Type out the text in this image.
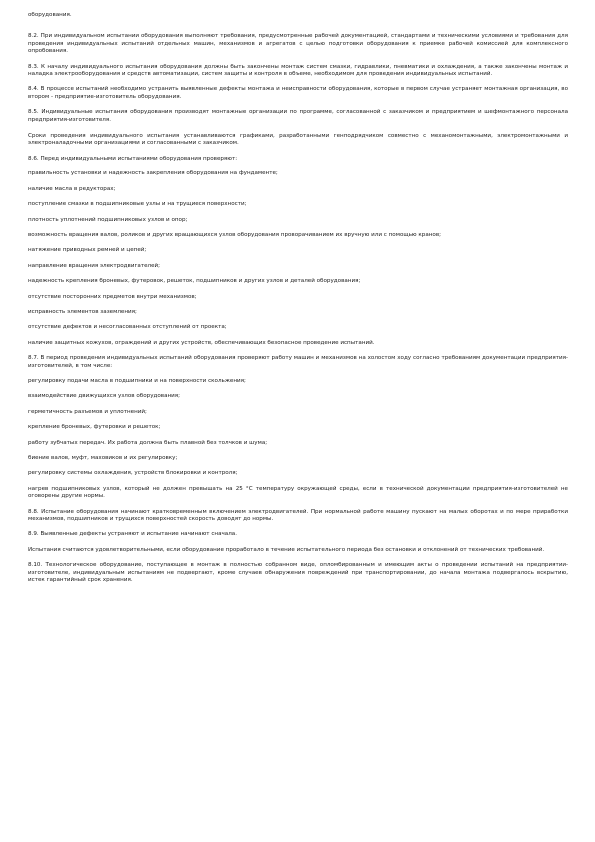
оборудования.

8.2. При индивидуальном испытании оборудования выполняют требования, предусмотренные рабочей документацией, стандартами и техническими условиями и требования для проведения индивидуальных испытаний отдельных машин, механизмов и агрегатов с целью подготовки оборудования к приемке рабочей комиссией для комплексного опробования.

8.3. К началу индивидуального испытания оборудования должны быть закончены монтаж систем смазки, гидравлики, пневматики и охлаждения, а также закончены монтаж и наладка электрооборудования и средств автоматизации, систем защиты и контроля в объеме, необходимом для проведения индивидуальных испытаний.

8.4. В процессе испытаний необходимо устранить выявленные дефекты монтажа и неисправности оборудования, которые в первом случае устраняет монтажная организация, во втором - предприятие-изготовитель оборудования.

8.5. Индивидуальные испытания оборудования производят монтажные организации по программе, согласованной с заказчиком и предприятием и шефмонтажного персонала предприятия-изготовителя.

Сроки проведения индивидуального испытания устанавливаются графиками, разработанными генподрядчиком совместно с механомонтажными, электромонтажными и электроналадочными организациями и согласованными с заказчиком.

8.6. Перед индивидуальными испытаниями оборудования проверяют:

правильность установки и надежность закрепления оборудования на фундаменте;

наличие масла в редукторах;

поступление смазки в подшипниковые узлы и на трущиеся поверхности;

плотность уплотнений подшипниковых узлов и опор;

возможность вращения валов, роликов и других вращающихся узлов оборудования проворачиванием их вручную или с помощью кранов;

натяжение приводных ремней и цепей;

направление вращения электродвигателей;

надежность крепления броневых, футеровок, решеток, подшипников и других узлов и деталей оборудования;

отсутствие посторонних предметов внутри механизмов;

исправность элементов заземления;

отсутствие дефектов и несогласованных отступлений от проекта;

наличие защитных кожухов, ограждений и других устройств, обеспечивающих безопасное проведение испытаний.

8.7. В период проведения индивидуальных испытаний оборудования проверяют работу машин и механизмов на холостом ходу согласно требованиям документации предприятия-изготовителей, в том числе:

регулировку подачи масла в подшипники и на поверхности скольжения;

взаимодействие движущихся узлов оборудования;

герметичность разъемов и уплотнений;

крепление броневых, футеровки и решеток;

работу зубчатых передач. Их работа должна быть плавной без толчков и шума;

биение валов, муфт, маховиков и их регулировку;

регулировку системы охлаждения, устройств блокировки и контроля;

нагрев подшипниковых узлов, который не должен превышать на 25 °С температуру окружающей среды, если в технической документации предприятия-изготовителей не оговорены другие нормы.

8.8. Испытание оборудования начинают кратковременным включением электродвигателей. При нормальной работе машину пускают на малых оборотах и по мере приработки механизмов, подшипников и трущихся поверхностей скорость доводят до нормы.

8.9. Выявленные дефекты устраняют и испытание начинают сначала.

Испытания считаются удовлетворительными, если оборудование проработало в течение испытательного периода без остановки и отклонений от технических требований.

8.10. Технологическое оборудование, поступающее в монтаж в полностью собранном виде, опломбированным и имеющим акты о проведении испытаний на предприятии-изготовителе, индивидуальным испытаниям не подвергают, кроме случаев обнаружения повреждений при транспортировании, до начала монтажа подвергалось вскрытию, истек гарантийный срок хранения.
